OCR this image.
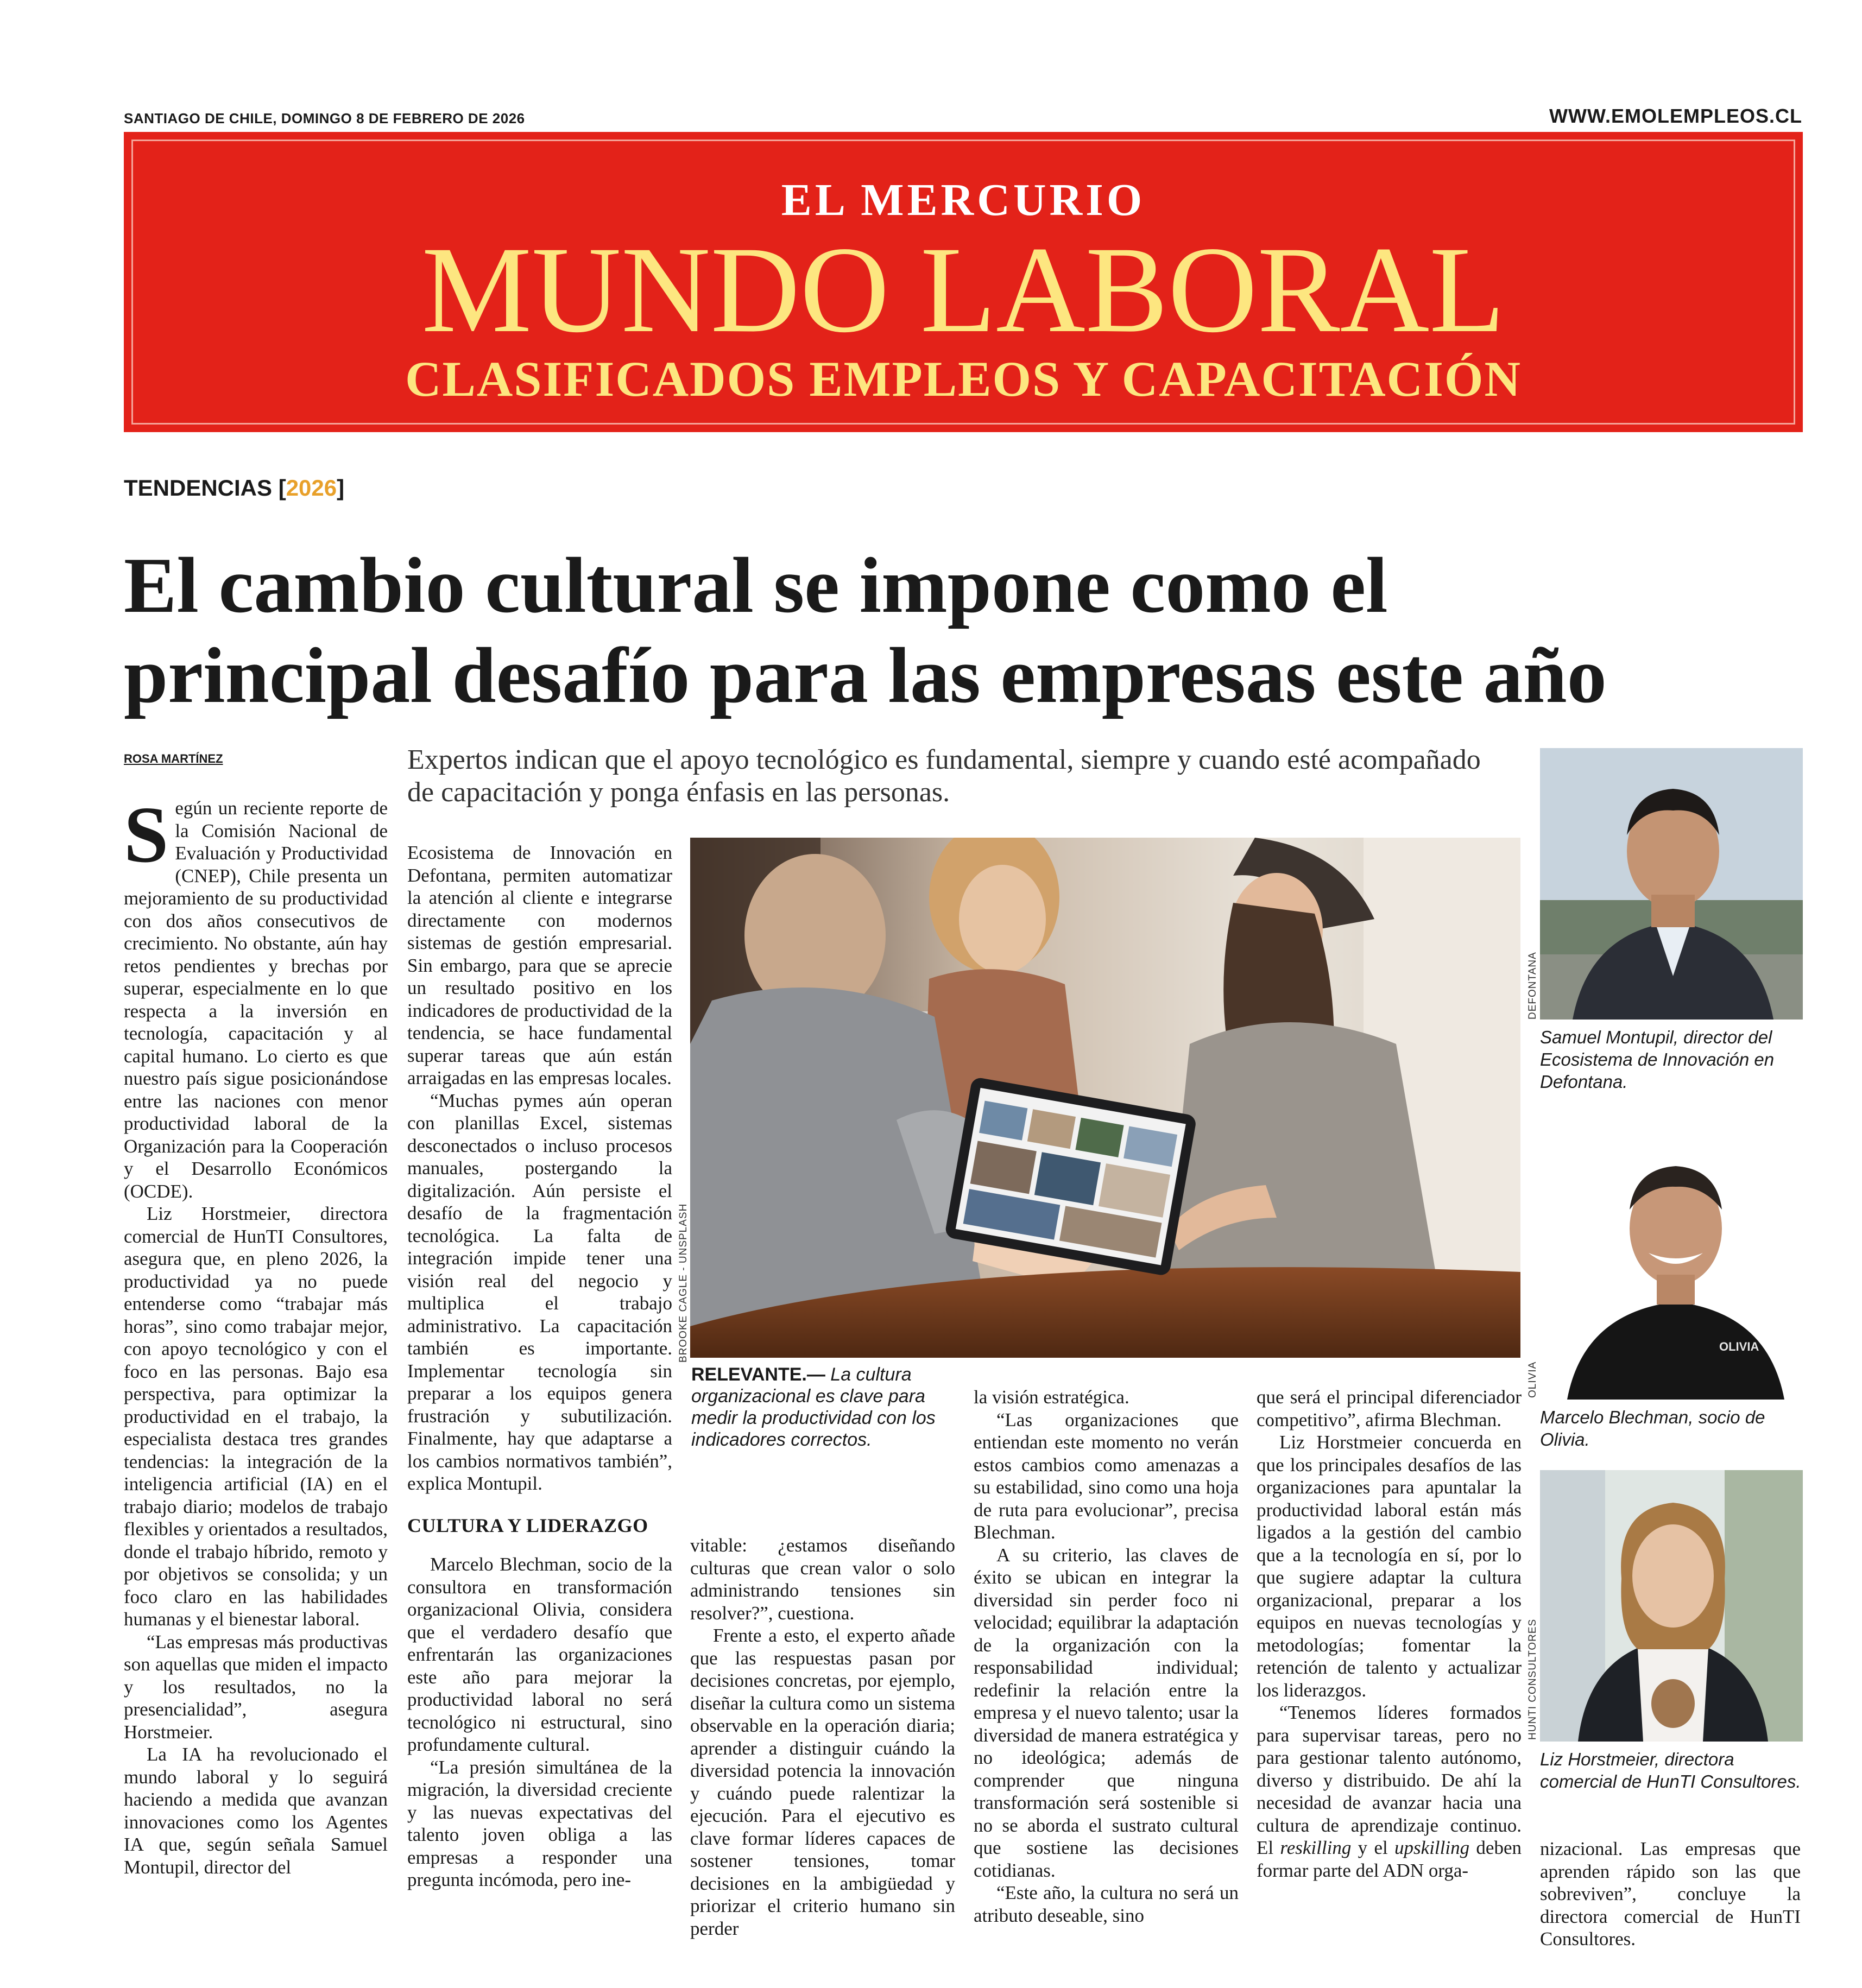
SANTIAGO DE CHILE, DOMINGO 8 DE FEBRERO DE 2026	WWW.EMOLEMPLEOS.CL
EL MERCURIO
MUNDO LABORAL
CLASIFICADOS EMPLEOS Y CAPACITACIÓN
TENDENCIAS [2026]
El cambio cultural se impone como el
principal desafío para las empresas este año
ROSA MARTÍNEZ	Expertos indican que el apoyo tecnológico es fundamental, siempre y cuando esté acompañado de capacitación y ponga énfasis en las personas.

Según un reciente reporte de la Comisión Nacional de Evaluación y Productividad (CNEP), Chile presenta un mejoramiento de su productividad con dos años consecutivos de crecimiento. No obstante, aún hay retos pendientes y brechas por superar, especialmente en lo que respecta a la inversión en tecnología, capacitación y al capital humano. Lo cierto es que nuestro país sigue posicionándose entre las naciones con menor productividad laboral de la Organización para la Cooperación y el Desarrollo Económicos (OCDE).

Liz Horstmeier, directora comercial de HunTI Consultores, asegura que, en pleno 2026, la productividad ya no puede entenderse como “trabajar más horas”, sino como trabajar mejor, con apoyo tecnológico y con el foco en las personas. Bajo esa perspectiva, para optimizar la productividad en el trabajo, la especialista destaca tres grandes tendencias: la integración de la inteligencia artificial (IA) en el trabajo diario; modelos de trabajo flexibles y orientados a resultados, donde el trabajo híbrido, remoto y por objetivos se consolida; y un foco claro en las habilidades humanas y el bienestar laboral.

“Las empresas más productivas son aquellas que miden el impacto y los resultados, no la presencialidad”, asegura Horstmeier.

La IA ha revolucionado el mundo laboral y lo seguirá haciendo a medida que avanzan innovaciones como los Agentes IA que, según señala Samuel Montupil, director del

Ecosistema de Innovación en Defontana, permiten automatizar la atención al cliente e integrarse directamente con modernos sistemas de gestión empresarial. Sin embargo, para que se aprecie un resultado positivo en los indicadores de productividad de la tendencia, se hace fundamental superar tareas que aún están arraigadas en las empresas locales.

“Muchas pymes aún operan con planillas Excel, sistemas desconectados o incluso procesos manuales, postergando la digitalización. Aún persiste el desafío de la fragmentación tecnológica. La falta de integración impide tener una visión real del negocio y multiplica el trabajo administrativo. La capacitación también es importante. Implementar tecnología sin preparar a los equipos genera frustración y subutilización. Finalmente, hay que adaptarse a los cambios normativos también”, explica Montupil.

CULTURA Y LIDERAZGO

Marcelo Blechman, socio de la consultora en transformación organizacional Olivia, considera que el verdadero desafío que enfrentarán las organizaciones este año para mejorar la productividad laboral no será tecnológico ni estructural, sino profundamente cultural.

“La presión simultánea de la migración, la diversidad creciente y las nuevas expectativas del talento joven obliga a las empresas a responder una pregunta incómoda, pero ine-

BROOKE CAGLE - UNSPLASH
RELEVANTE.— La cultura organizacional es clave para medir la productividad con los indicadores correctos.

vitable: ¿estamos diseñando culturas que crean valor o solo administrando tensiones sin resolver?”, cuestiona.

Frente a esto, el experto añade que las respuestas pasan por decisiones concretas, por ejemplo, diseñar la cultura como un sistema observable en la operación diaria; aprender a distinguir cuándo la diversidad potencia la innovación y cuándo puede ralentizar la ejecución. Para el ejecutivo es clave formar líderes capaces de sostener tensiones, tomar decisiones en la ambigüedad y priorizar el criterio humano sin perder

la visión estratégica.

“Las organizaciones que entiendan este momento no verán estos cambios como amenazas a su estabilidad, sino como una hoja de ruta para evolucionar”, precisa Blechman.

A su criterio, las claves de éxito se ubican en integrar la diversidad sin perder foco ni velocidad; equilibrar la adaptación de la organización con la responsabilidad individual; redefinir la relación entre la empresa y el nuevo talento; usar la diversidad de manera estratégica y no ideológica; además de comprender que ninguna transformación será sostenible si no se aborda el sustrato cultural que sostiene las decisiones cotidianas.

“Este año, la cultura no será un atributo deseable, sino

que será el principal diferenciador competitivo”, afirma Blechman.

Liz Horstmeier concuerda en que los principales desafíos de las organizaciones para apuntalar la productividad laboral están más ligados a la gestión del cambio que a la tecnología en sí, por lo que sugiere adaptar la cultura organizacional, preparar a los equipos en nuevas tecnologías y metodologías; fomentar la retención de talento y actualizar los liderazgos.

“Tenemos líderes formados para supervisar tareas, pero no para gestionar talento autónomo, diverso y distribuido. De ahí la necesidad de avanzar hacia una cultura de aprendizaje continuo. El reskilling y el upskilling deben formar parte del ADN orga-

nizacional. Las empresas que aprenden rápido son las que sobreviven”, concluye la directora comercial de HunTI Consultores.

DEFONTANA
Samuel Montupil, director del Ecosistema de Innovación en Defontana.
OLIVIA
OLIVIA
Marcelo Blechman, socio de Olivia.
HUNTI CONSULTORES
Liz Horstmeier, directora comercial de HunTI Consultores.
